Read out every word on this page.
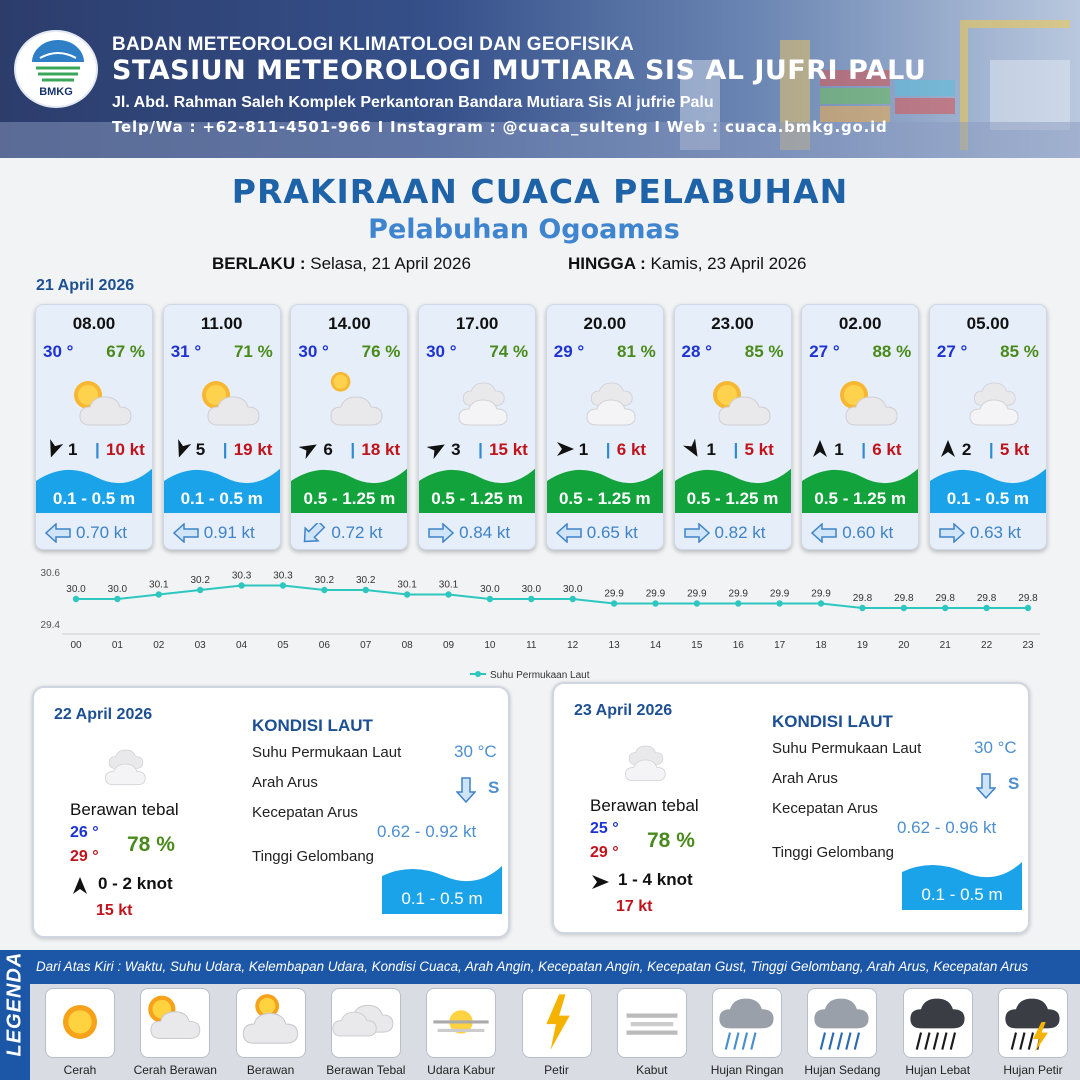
BMKG
BADAN METEOROLOGI KLIMATOLOGI DAN GEOFISIKA
STASIUN METEOROLOGI MUTIARA SIS AL JUFRI PALU
Jl. Abd. Rahman Saleh Komplek Perkantoran Bandara Mutiara Sis Al jufrie Palu
Telp/Wa : +62-811-4501-966 I Instagram : @cuaca_sulteng I Web : cuaca.bmkg.go.id
PRAKIRAAN CUACA PELABUHAN
Pelabuhan Ogoamas
BERLAKU : Selasa, 21 April 2026	HINGGA : Kamis, 23 April 2026
21 April 2026
08.00
30 ° 67 %
1 | 10 kt
0.1 - 0.5 m
0.70 kt
11.00
31 ° 71 %
5 | 19 kt
0.1 - 0.5 m
0.91 kt
14.00
30 ° 76 %
6 | 18 kt
0.5 - 1.25 m
0.72 kt
17.00
30 ° 74 %
3 | 15 kt
0.5 - 1.25 m
0.84 kt
20.00
29 ° 81 %
1 | 6 kt
0.5 - 1.25 m
0.65 kt
23.00
28 ° 85 %
1 | 5 kt
0.5 - 1.25 m
0.82 kt
02.00
27 ° 88 %
1 | 6 kt
0.5 - 1.25 m
0.60 kt
05.00
27 ° 85 %
2 | 5 kt
0.1 - 0.5 m
0.63 kt
30.6
29.4
30.0
00
30.0
01
30.1
02
30.2
03
30.3
04
30.3
05
30.2
06
30.2
07
30.1
08
30.1
09
30.0
10
30.0
11
30.0
12
29.9
13
29.9
14
29.9
15
29.9
16
29.9
17
29.9
18
29.8
19
29.8
20
29.8
21
29.8
22
29.8
23
Suhu Permukaan Laut
22 April 2026
Berawan tebal
26 °
29 °
78 %
0 - 2 knot
15 kt
KONDISI LAUT
Suhu Permukaan Laut	30 °C
Arah Arus	S
Kecepatan Arus
0.62 - 0.92 kt
Tinggi Gelombang
0.1 - 0.5 m
23 April 2026
Berawan tebal
25 °
29 °
78 %
1 - 4 knot
17 kt
KONDISI LAUT
Suhu Permukaan Laut	30 °C
Arah Arus	S
Kecepatan Arus
0.62 - 0.96 kt
Tinggi Gelombang
0.1 - 0.5 m
LEGENDA Dari Atas Kiri : Waktu, Suhu Udara, Kelembapan Udara, Kondisi Cuaca, Arah Angin, Kecepatan Angin, Kecepatan Gust, Tinggi Gelombang, Arah Arus, Kecepatan Arus
Cerah	Cerah Berawan	Berawan	Berawan Tebal	Udara Kabur	Petir	Kabut	Hujan Ringan	Hujan Sedang	Hujan Lebat	Hujan Petir
